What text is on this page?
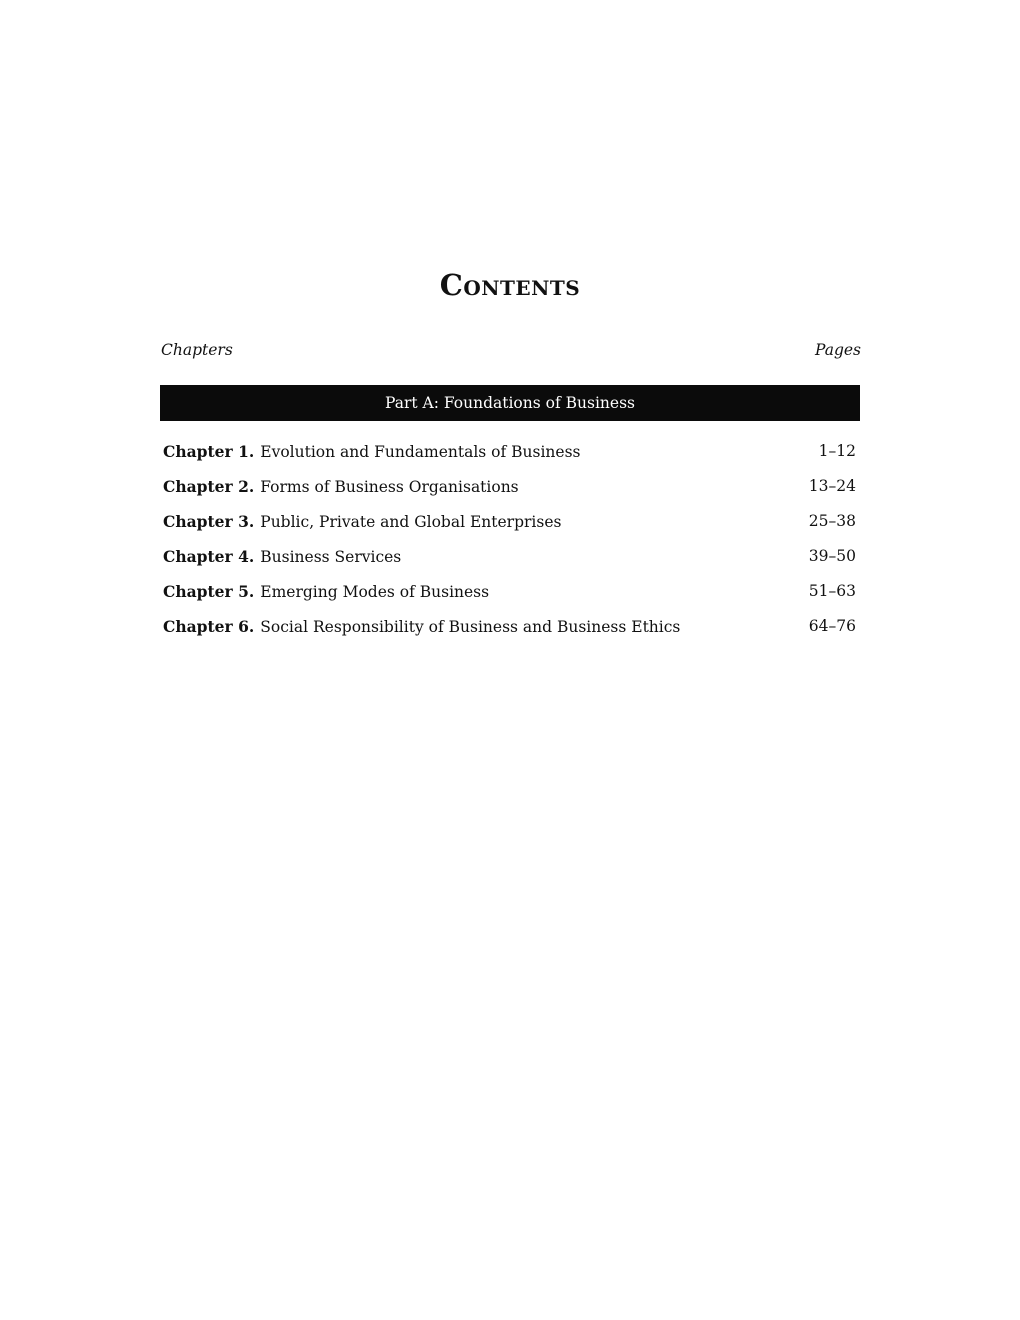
Contents
Chapters	Pages
Part A: Foundations of Business
Chapter 1. Evolution and Fundamentals of Business	1–12
Chapter 2. Forms of Business Organisations	13–24
Chapter 3. Public, Private and Global Enterprises	25–38
Chapter 4. Business Services	39–50
Chapter 5. Emerging Modes of Business	51–63
Chapter 6. Social Responsibility of Business and Business Ethics	64–76
